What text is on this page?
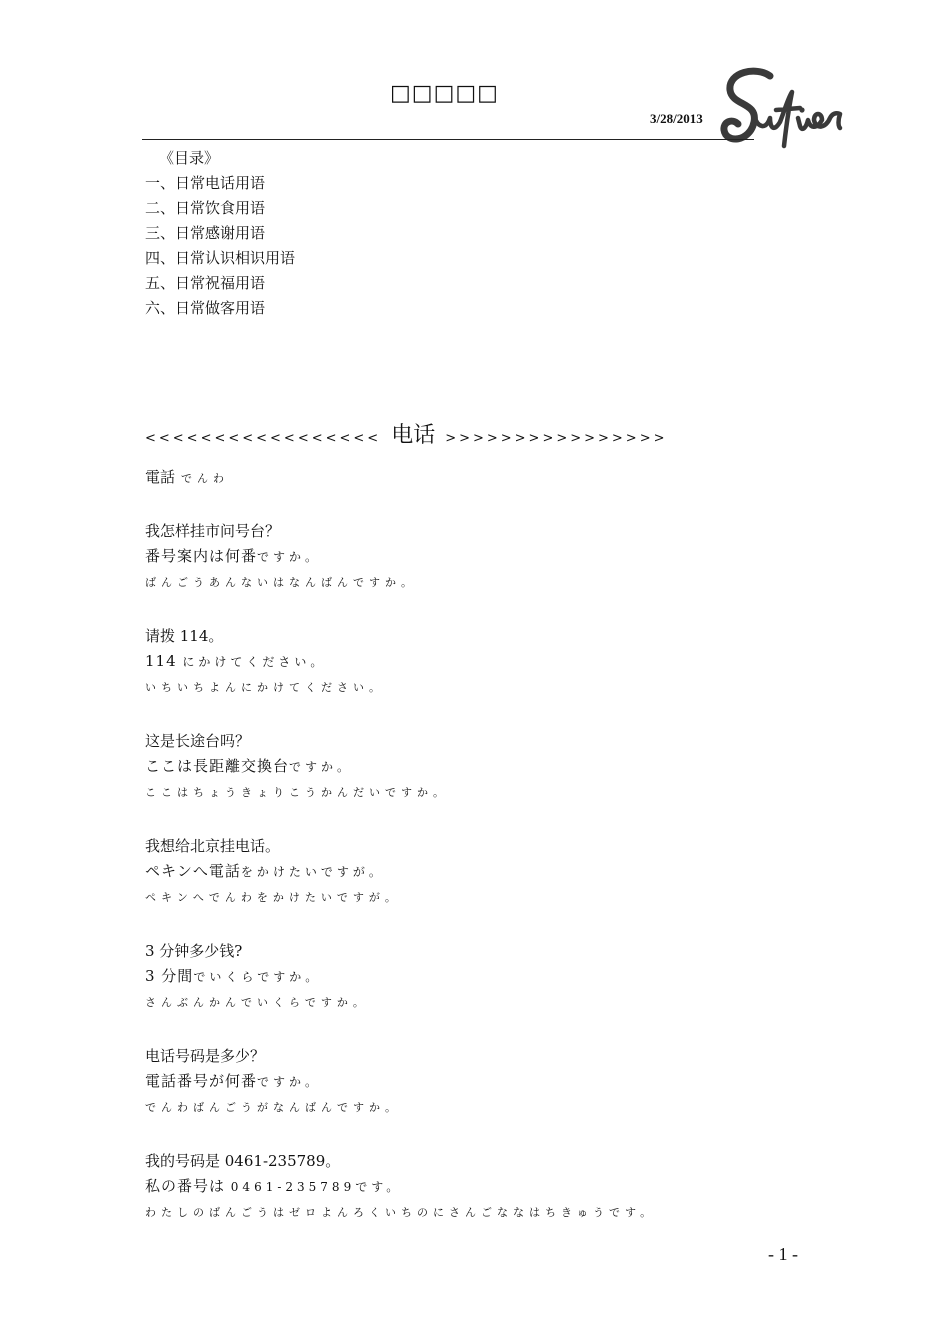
□□□□□
3/28/2013
《目录》
一、日常电话用语
二、日常饮食用语
三、日常感谢用语
四、日常认识相识用语
五、日常祝福用语
六、日常做客用语
<<<<<<<<<<<<<<<<< 电话 >>>>>>>>>>>>>>>>
電話 でんわ
我怎样挂市问号台？
番号案内は何番ですか。
ばんごうあんないはなんばんですか。
请拨 114。
114 にかけてください。
いちいちよんにかけてください。
这是长途台吗？
ここは長距離交換台ですか。
ここはちょうきょりこうかんだいですか。
我想给北京挂电话。
ペキンへ電話をかけたいですが。
ペキンへでんわをかけたいですが。
3 分钟多少钱?
3 分間でいくらですか。
さんぶんかんでいくらですか。
电话号码是多少？
電話番号が何番ですか。
でんわばんごうがなんばんですか。
我的号码是 0461-235789。
私の番号は 0461-235789です。
わたしのばんごうはゼロよんろくいちのにさんごななはちきゅうです。
- 1 -
